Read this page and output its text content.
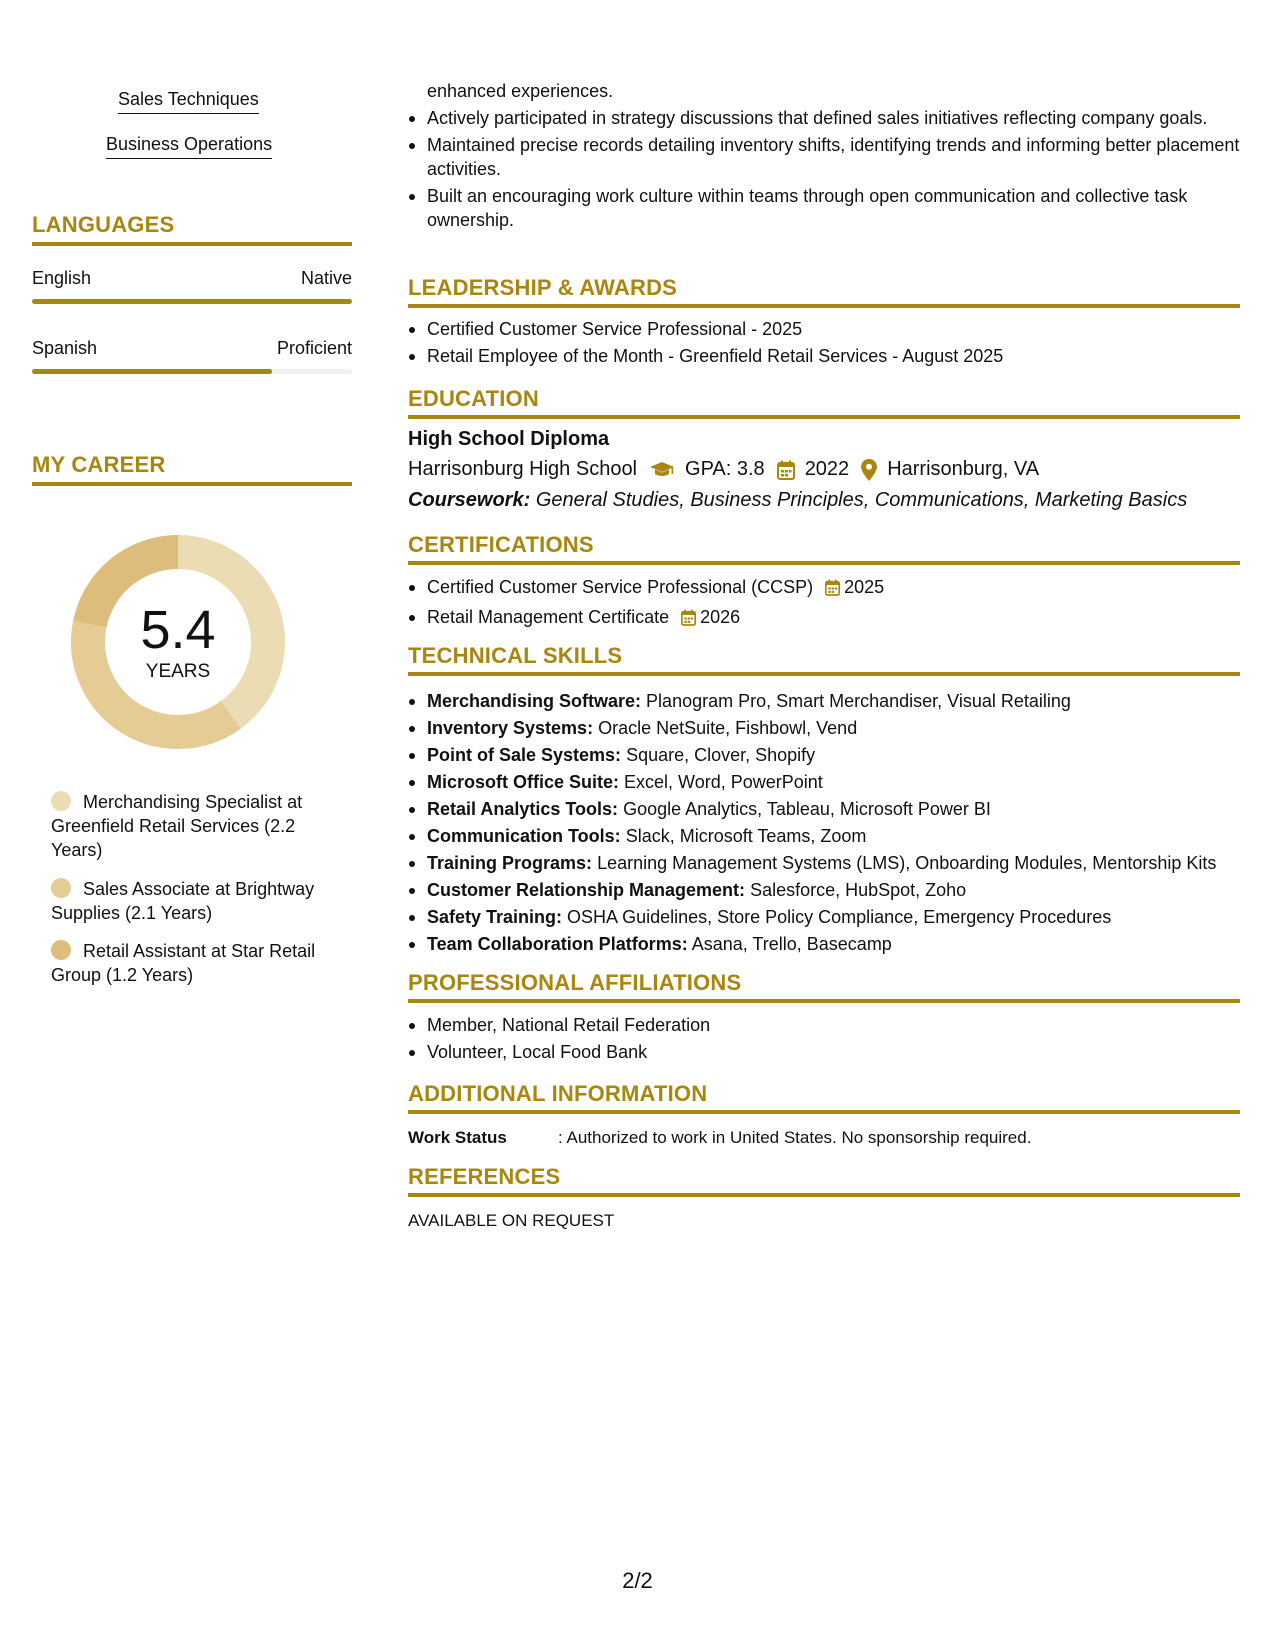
Sales Techniques
Business Operations
LANGUAGES
English	Native
Spanish	Proficient
MY CAREER
5.4
YEARS
Merchandising Specialist at Greenfield Retail Services (2.2 Years)
Sales Associate at Brightway Supplies (2.1 Years)
Retail Assistant at Star Retail Group (1.2 Years)
enhanced experiences.
Actively participated in strategy discussions that defined sales initiatives reflecting company goals.
Maintained precise records detailing inventory shifts, identifying trends and informing better placement activities.
Built an encouraging work culture within teams through open communication and collective task ownership.
LEADERSHIP & AWARDS
Certified Customer Service Professional - 2025
Retail Employee of the Month - Greenfield Retail Services - August 2025
EDUCATION
High School Diploma
Harrisonburg High School GPA: 3.8 2022 Harrisonburg, VA
Coursework: General Studies, Business Principles, Communications, Marketing Basics
CERTIFICATIONS
Certified Customer Service Professional (CCSP) 2025
Retail Management Certificate 2026
TECHNICAL SKILLS
Merchandising Software: Planogram Pro, Smart Merchandiser, Visual Retailing
Inventory Systems: Oracle NetSuite, Fishbowl, Vend
Point of Sale Systems: Square, Clover, Shopify
Microsoft Office Suite: Excel, Word, PowerPoint
Retail Analytics Tools: Google Analytics, Tableau, Microsoft Power BI
Communication Tools: Slack, Microsoft Teams, Zoom
Training Programs: Learning Management Systems (LMS), Onboarding Modules, Mentorship Kits
Customer Relationship Management: Salesforce, HubSpot, Zoho
Safety Training: OSHA Guidelines, Store Policy Compliance, Emergency Procedures
Team Collaboration Platforms: Asana, Trello, Basecamp
PROFESSIONAL AFFILIATIONS
Member, National Retail Federation
Volunteer, Local Food Bank
ADDITIONAL INFORMATION
Work Status	: Authorized to work in United States. No sponsorship required.
REFERENCES
AVAILABLE ON REQUEST
2/2
